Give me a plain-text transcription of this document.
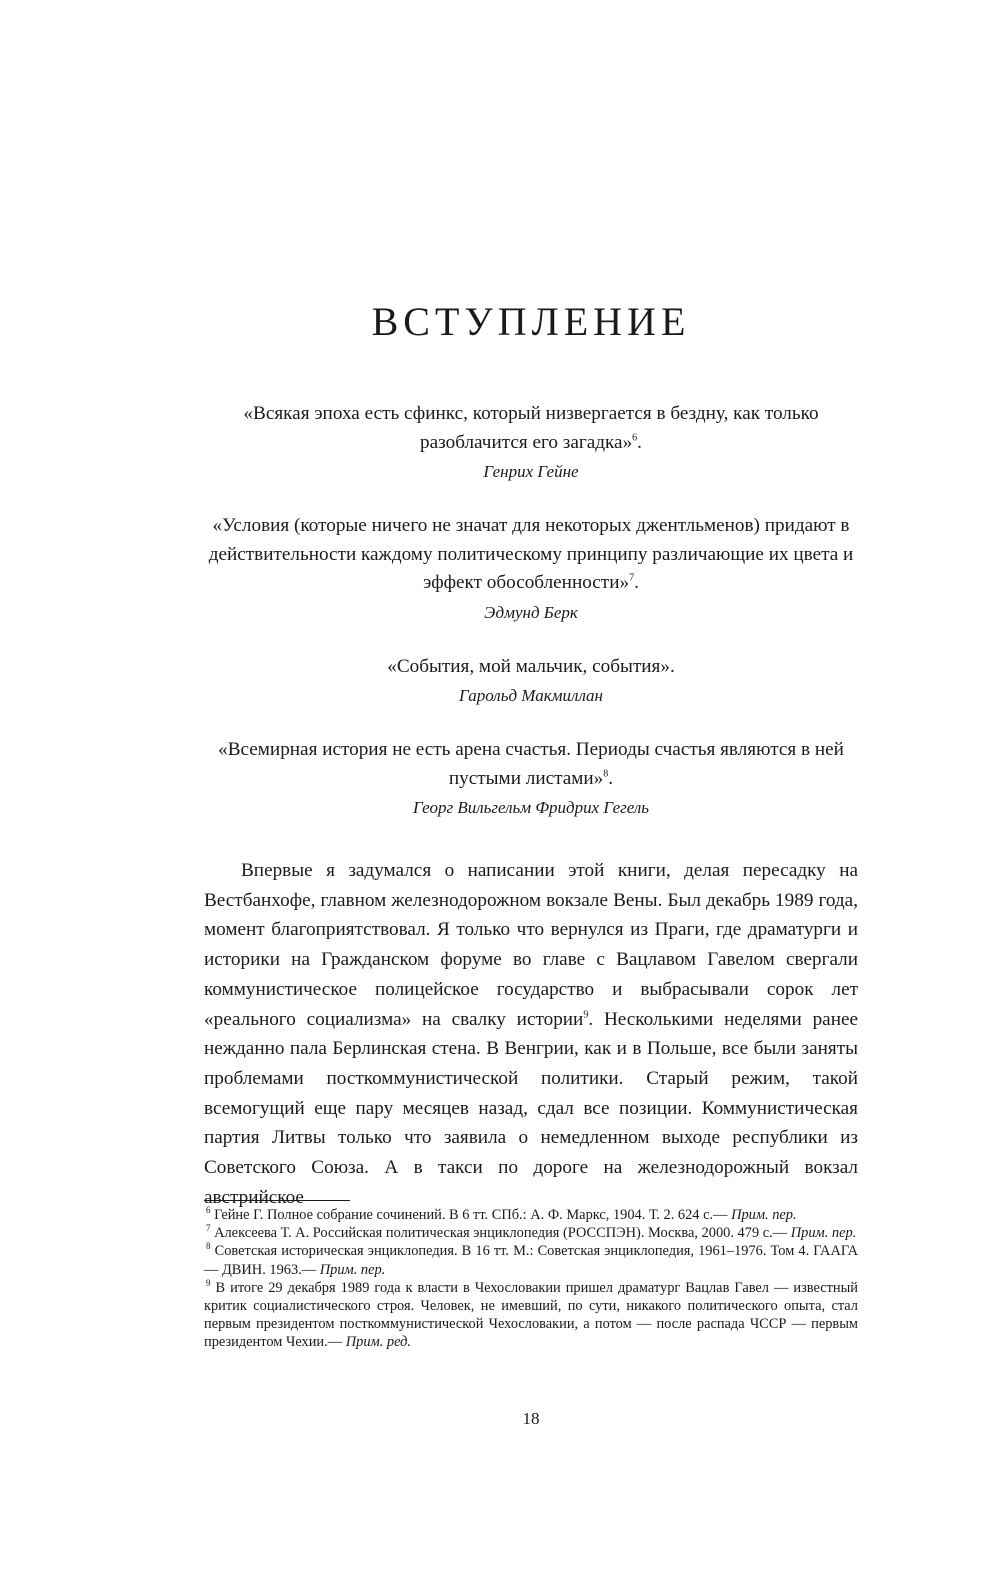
ВСТУПЛЕНИЕ
«Всякая эпоха есть сфинкс, который низвергается в бездну, как только разоблачится его загадка»$^6$.
Генрих Гейне
«Условия (которые ничего не значат для некоторых джентльменов) придают в действительности каждому политическому принципу различающие их цвета и эффект обособленности»$^7$.
Эдмунд Берк
«События, мой мальчик, события».
Гарольд Макмиллан
«Всемирная история не есть арена счастья. Периоды счастья являются в ней пустыми листами»$^8$.
Георг Вильгельм Фридрих Гегель

Впервые я задумался о написании этой книги, делая пересадку на Вестбанхофе, главном железнодорожном вокзале Вены. Был декабрь 1989 года, момент благоприятствовал. Я только что вернулся из Праги, где драматурги и историки на Гражданском форуме во главе с Вацлавом Гавелом свергали коммунистическое полицейское государство и выбрасывали сорок лет «реального социализма» на свалку истории$^9$. Несколькими неделями ранее нежданно пала Берлинская стена. В Венгрии, как и в Польше, все были заняты проблемами посткоммунистической политики. Старый режим, такой всемогущий еще пару месяцев назад, сдал все позиции. Коммунистическая партия Литвы только что заявила о немедленном выходе республики из Советского Союза. А в такси по дороге на железнодорожный вокзал австрийское

$^6$ Гейне Г. Полное собрание сочинений. В 6 тт. СПб.: А. Ф. Маркс, 1904. Т. 2. 624 с.— Прим. пер.

$^7$ Алексеева Т. А. Российская политическая энциклопедия (РОССПЭН). Москва, 2000. 479 с.— Прим. пер.

$^8$ Советская историческая энциклопедия. В 16 тт. М.: Советская энциклопедия, 1961–1976. Том 4. ГААГА — ДВИН. 1963.— Прим. пер.

$^9$ В итоге 29 декабря 1989 года к власти в Чехословакии пришел драматург Вацлав Гавел — известный критик социалистического строя. Человек, не имевший, по сути, никакого политического опыта, стал первым президентом посткоммунистической Чехословакии, а потом — после распада ЧССР — первым президентом Чехии.— Прим. ред.

18
